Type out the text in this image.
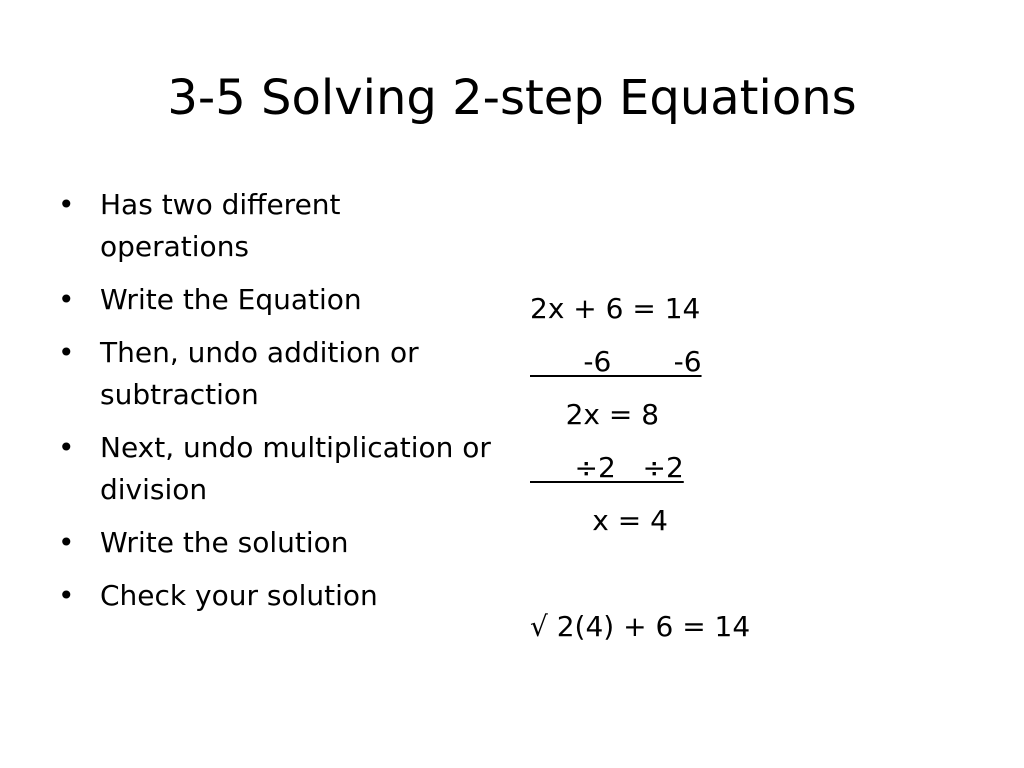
3-5 Solving 2-step Equations
• Has two different operations
• Write the Equation
• Then, undo addition or subtraction
• Next, undo multiplication or division
• Write the solution
• Check your solution
2x + 6 = 14
-6       -6
2x = 8
÷2   ÷2
x = 4
√ 2(4) + 6 = 14
